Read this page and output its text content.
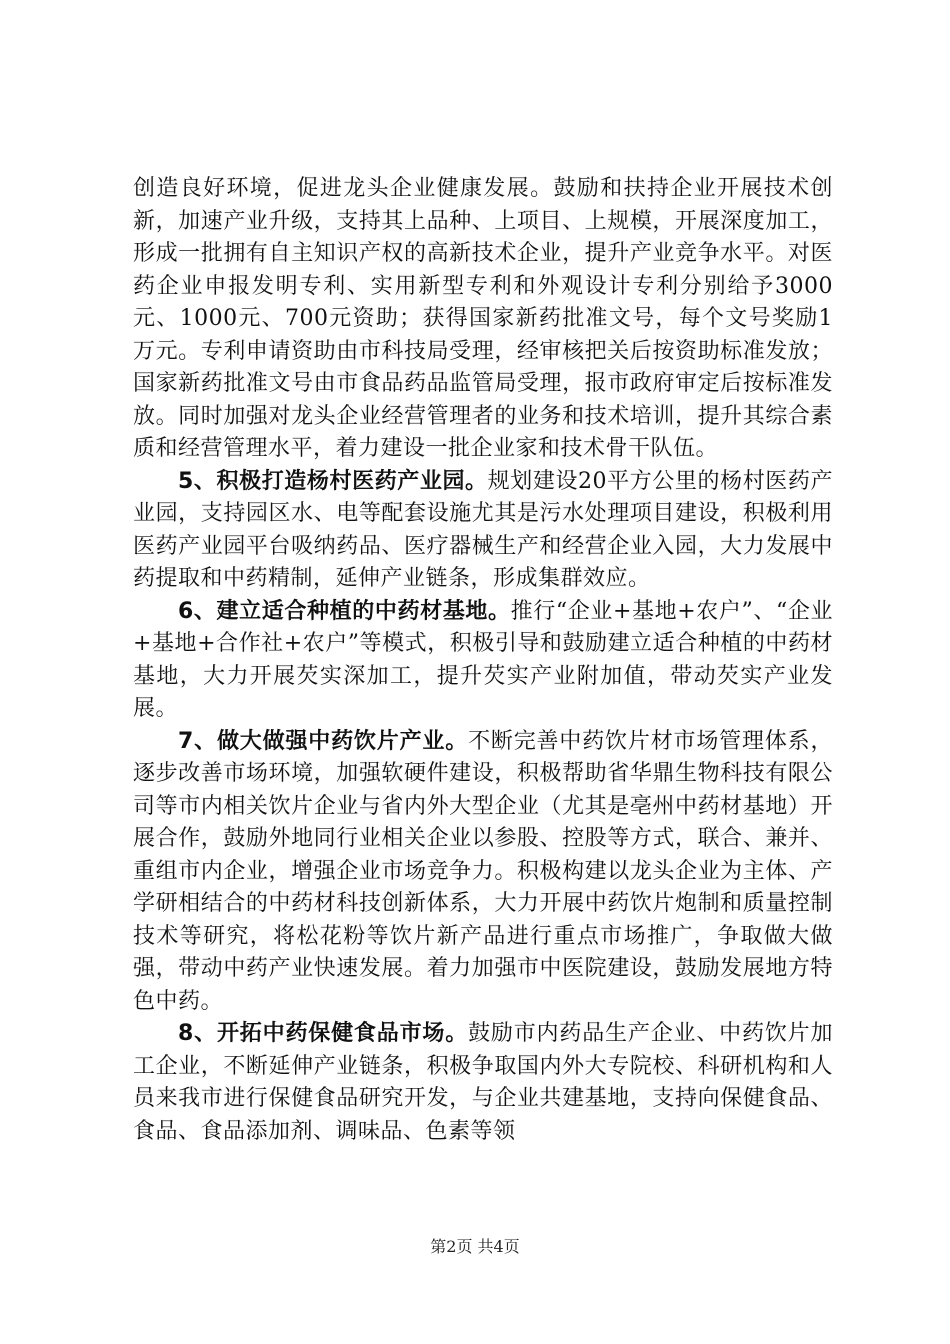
创造良好环境，促进龙头企业健康发展。鼓励和扶持企业开展技术创新，加速产业升级，支持其上品种、上项目、上规模，开展深度加工，形成一批拥有自主知识产权的高新技术企业，提升产业竞争水平。对医药企业申报发明专利、实用新型专利和外观设计专利分别给予3000元、1000元、700元资助；获得国家新药批准文号，每个文号奖励1万元。专利申请资助由市科技局受理，经审核把关后按资助标准发放；国家新药批准文号由市食品药品监管局受理，报市政府审定后按标准发放。同时加强对龙头企业经营管理者的业务和技术培训，提升其综合素质和经营管理水平，着力建设一批企业家和技术骨干队伍。

5、积极打造杨村医药产业园。规划建设20平方公里的杨村医药产业园，支持园区水、电等配套设施尤其是污水处理项目建设，积极利用医药产业园平台吸纳药品、医疗器械生产和经营企业入园，大力发展中药提取和中药精制，延伸产业链条，形成集群效应。

6、建立适合种植的中药材基地。推行“企业+基地+农户”、“企业+基地+合作社+农户”等模式，积极引导和鼓励建立适合种植的中药材基地，大力开展芡实深加工，提升芡实产业附加值，带动芡实产业发展。

7、做大做强中药饮片产业。不断完善中药饮片材市场管理体系，逐步改善市场环境，加强软硬件建设，积极帮助省华鼎生物科技有限公司等市内相关饮片企业与省内外大型企业（尤其是亳州中药材基地）开展合作，鼓励外地同行业相关企业以参股、控股等方式，联合、兼并、重组市内企业，增强企业市场竞争力。积极构建以龙头企业为主体、产学研相结合的中药材科技创新体系，大力开展中药饮片炮制和质量控制技术等研究，将松花粉等饮片新产品进行重点市场推广，争取做大做强，带动中药产业快速发展。着力加强市中医院建设，鼓励发展地方特色中药。

8、开拓中药保健食品市场。鼓励市内药品生产企业、中药饮片加工企业，不断延伸产业链条，积极争取国内外大专院校、科研机构和人员来我市进行保健食品研究开发，与企业共建基地，支持向保健食品、食品、食品添加剂、调味品、色素等领

第2页 共4页
